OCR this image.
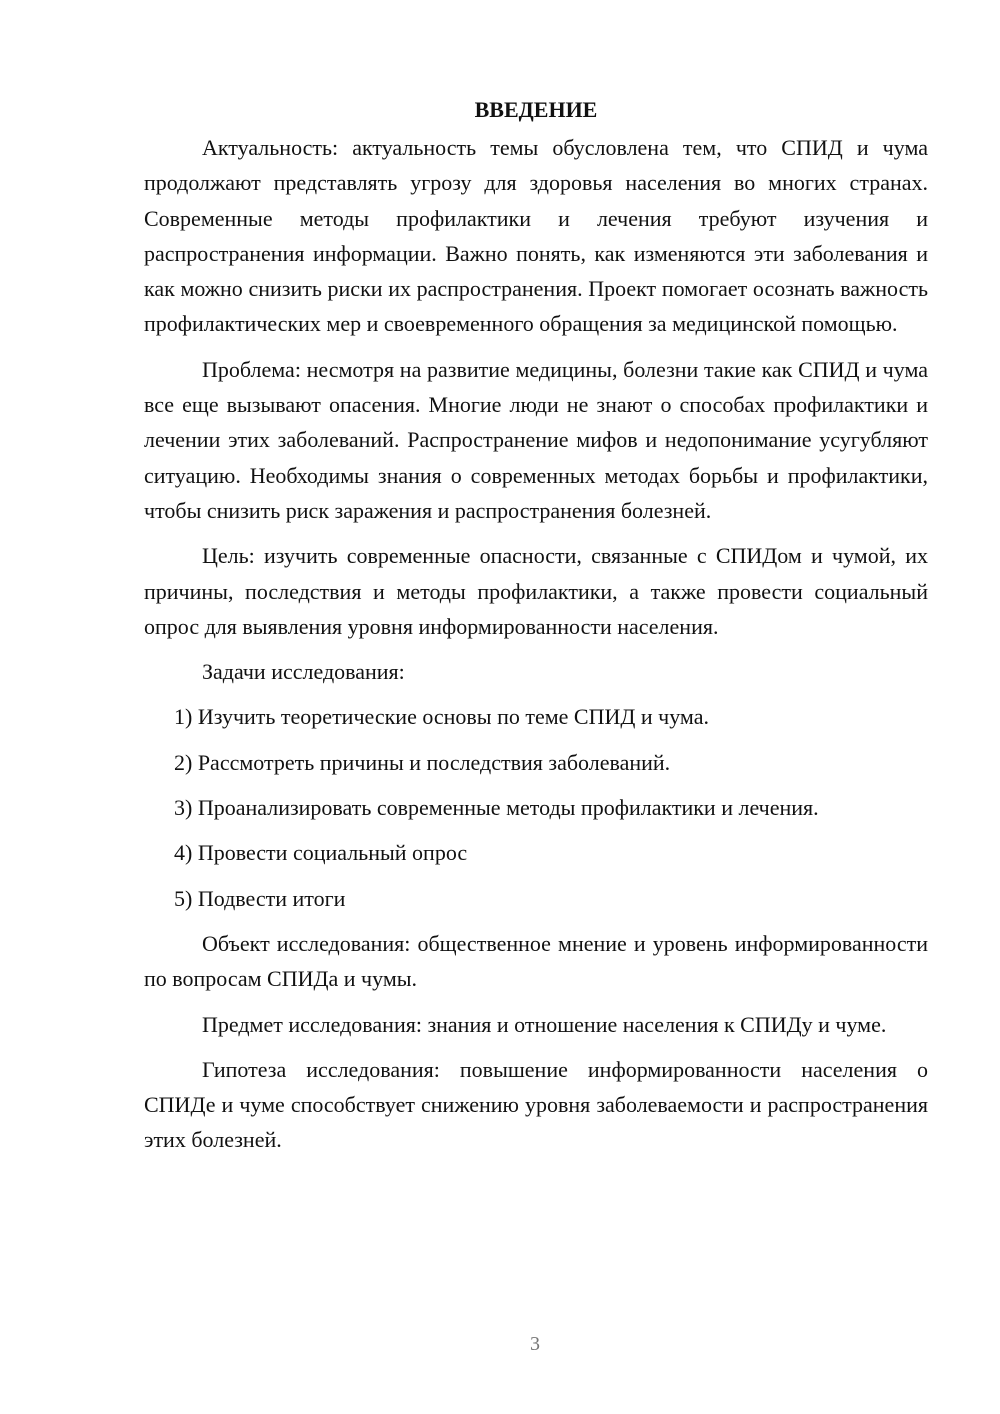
ВВЕДЕНИЕ

Актуальность: актуальность темы обусловлена тем, что СПИД и чума продолжают представлять угрозу для здоровья населения во многих странах. Современные методы профилактики и лечения требуют изучения и распространения информации. Важно понять, как изменяются эти заболевания и как можно снизить риски их распространения. Проект помогает осознать важность профилактических мер и своевременного обращения за медицинской помощью.

Проблема: несмотря на развитие медицины, болезни такие как СПИД и чума все еще вызывают опасения. Многие люди не знают о способах профилактики и лечении этих заболеваний. Распространение мифов и недопонимание усугубляют ситуацию. Необходимы знания о современных методах борьбы и профилактики, чтобы снизить риск заражения и распространения болезней.

Цель: изучить современные опасности, связанные с СПИДом и чумой, их причины, последствия и методы профилактики, а также провести социальный опрос для выявления уровня информированности населения.

Задачи исследования:

1) Изучить теоретические основы по теме СПИД и чума.
2) Рассмотреть причины и последствия заболеваний.
3) Проанализировать современные методы профилактики и лечения.
4) Провести социальный опрос
5) Подвести итоги

Объект исследования: общественное мнение и уровень информированности по вопросам СПИДа и чумы.

Предмет исследования: знания и отношение населения к СПИДу и чуме.

Гипотеза исследования: повышение информированности населения о СПИДе и чуме способствует снижению уровня заболеваемости и распространения этих болезней.

3
